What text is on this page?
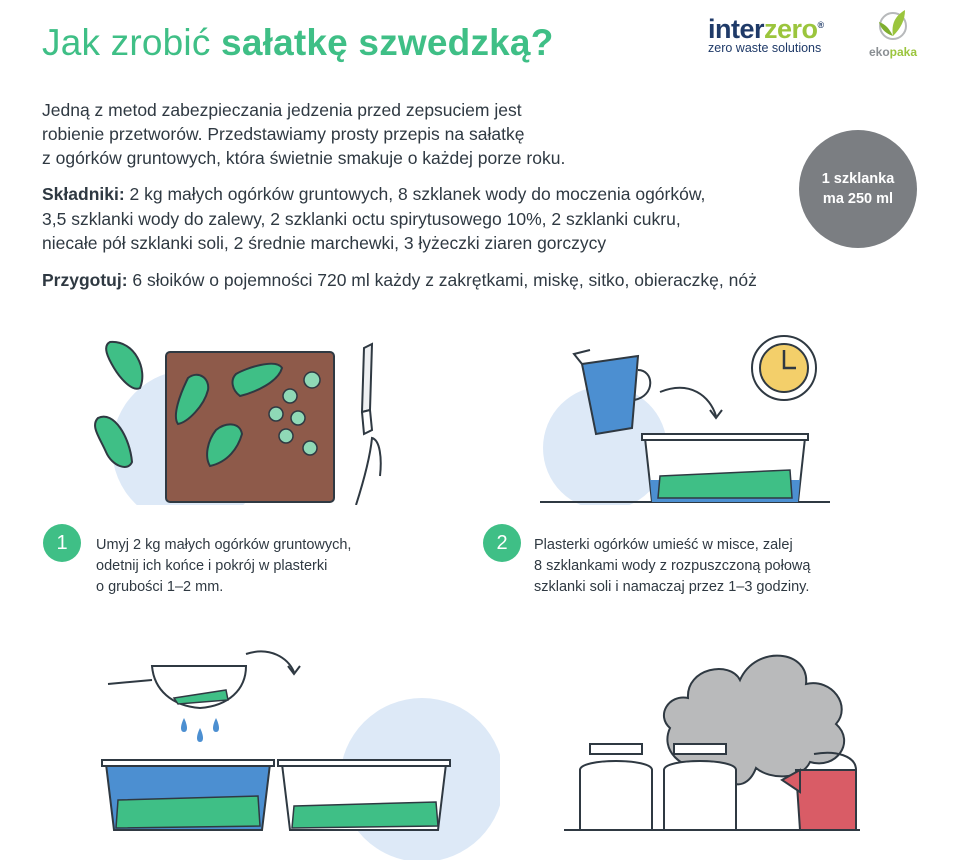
Jak zrobić sałatkę szwedzką?	interzero®
zero waste solutions	ekopaka
Jedną z metod zabezpieczania jedzenia przed zepsuciem jest
robienie przetworów. Przedstawiamy prosty przepis na sałatkę
z ogórków gruntowych, która świetnie smakuje o każdej porze roku.
Składniki: 2 kg małych ogórków gruntowych, 8 szklanek wody do moczenia ogórków,
3,5 szklanki wody do zalewy, 2 szklanki octu spirytusowego 10%, 2 szklanki cukru,
niecałe pół szklanki soli, 2 średnie marchewki, 3 łyżeczki ziaren gorczycy
Przygotuj: 6 słoików o pojemności 720 ml każdy z zakrętkami, miskę, sitko, obieraczkę, nóż
1 szklanka
ma 250 ml
1	Umyj 2 kg małych ogórków gruntowych,
odetnij ich końce i pokrój w plasterki
o grubości 1–2 mm.
2	Plasterki ogórków umieść w misce, zalej
8 szklankami wody z rozpuszczoną połową
szklanki soli i namaczaj przez 1–3 godziny.
